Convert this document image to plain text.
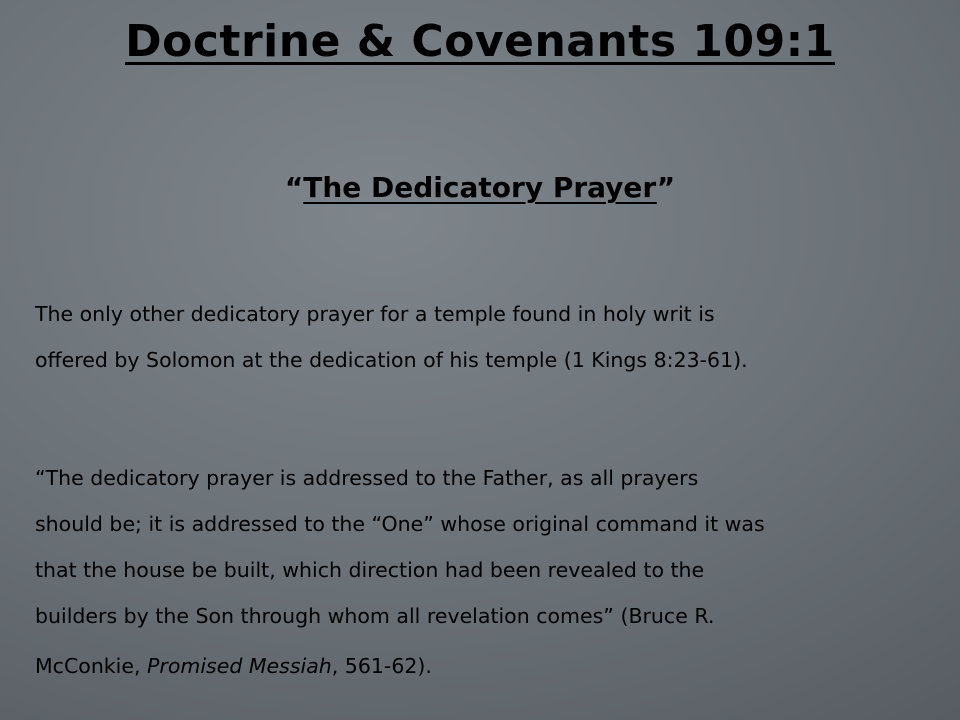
Doctrine & Covenants 109:1
“The Dedicatory Prayer”
The only other dedicatory prayer for a temple found in holy writ is
offered by Solomon at the dedication of his temple (1 Kings 8:23-61).
“The dedicatory prayer is addressed to the Father, as all prayers
should be; it is addressed to the “One” whose original command it was
that the house be built, which direction had been revealed to the
builders by the Son through whom all revelation comes” (Bruce R.
McConkie, Promised Messiah, 561-62).
